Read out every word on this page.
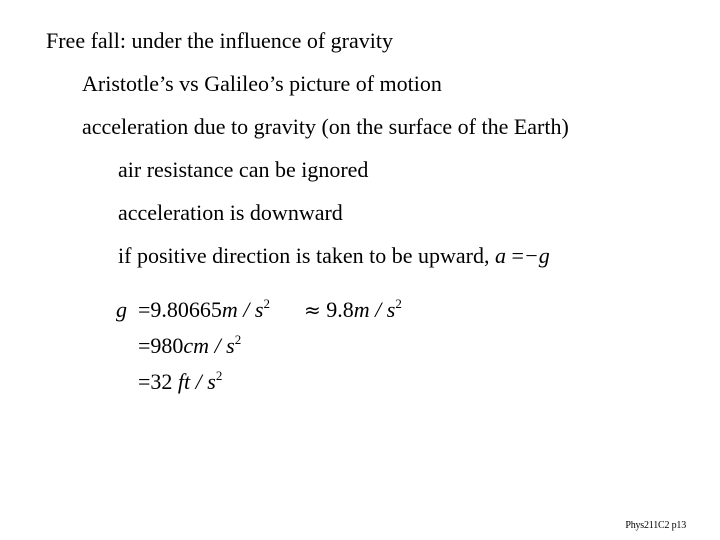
Free fall: under the influence of gravity
Aristotle’s vs Galileo’s picture of motion
acceleration due to gravity (on the surface of the Earth)
air resistance can be ignored
acceleration is downward
if positive direction is taken to be upward, a =−g
$g =9.80665m / s^2 \approx 9.8m / s^2$
$=980cm / s^2$
=32 ft / $s^2$
Phys211C2 p13
